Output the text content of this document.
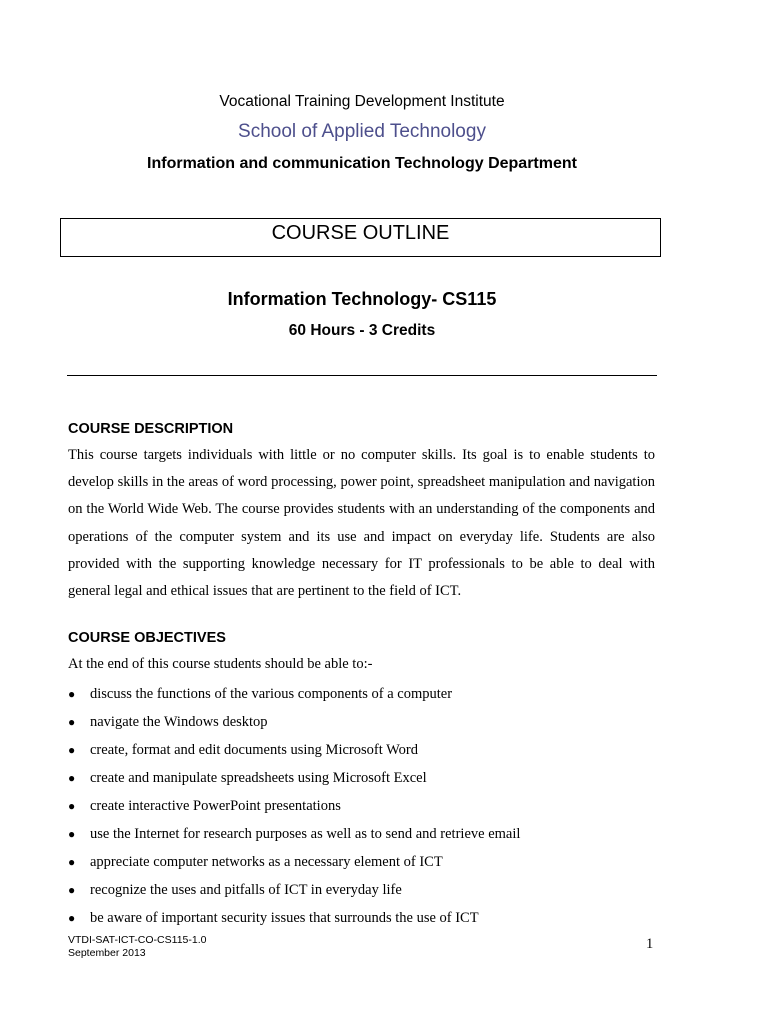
Vocational Training Development Institute

School of Applied Technology

Information and communication Technology Department

COURSE OUTLINE

Information Technology- CS115

60 Hours - 3 Credits

COURSE DESCRIPTION

This course targets individuals with little or no computer skills. Its goal is to enable students to develop skills in the areas of word processing, power point, spreadsheet manipulation and navigation on the World Wide Web. The course provides students with an understanding of the components and operations of the computer system and its use and impact on everyday life. Students are also provided with the supporting knowledge necessary for IT professionals to be able to deal with general legal and ethical issues that are pertinent to the field of ICT.

COURSE OBJECTIVES

At the end of this course students should be able to:-

● discuss the functions of the various components of a computer
● navigate the Windows desktop
● create, format and edit documents using Microsoft Word
● create and manipulate spreadsheets using Microsoft Excel
● create interactive PowerPoint presentations
● use the Internet for research purposes as well as to send and retrieve email
● appreciate computer networks as a necessary element of ICT
● recognize the uses and pitfalls of ICT in everyday life
● be aware of important security issues that surrounds the use of ICT

VTDI-SAT-ICT-CO-CS115-1.0

September 2013

1
